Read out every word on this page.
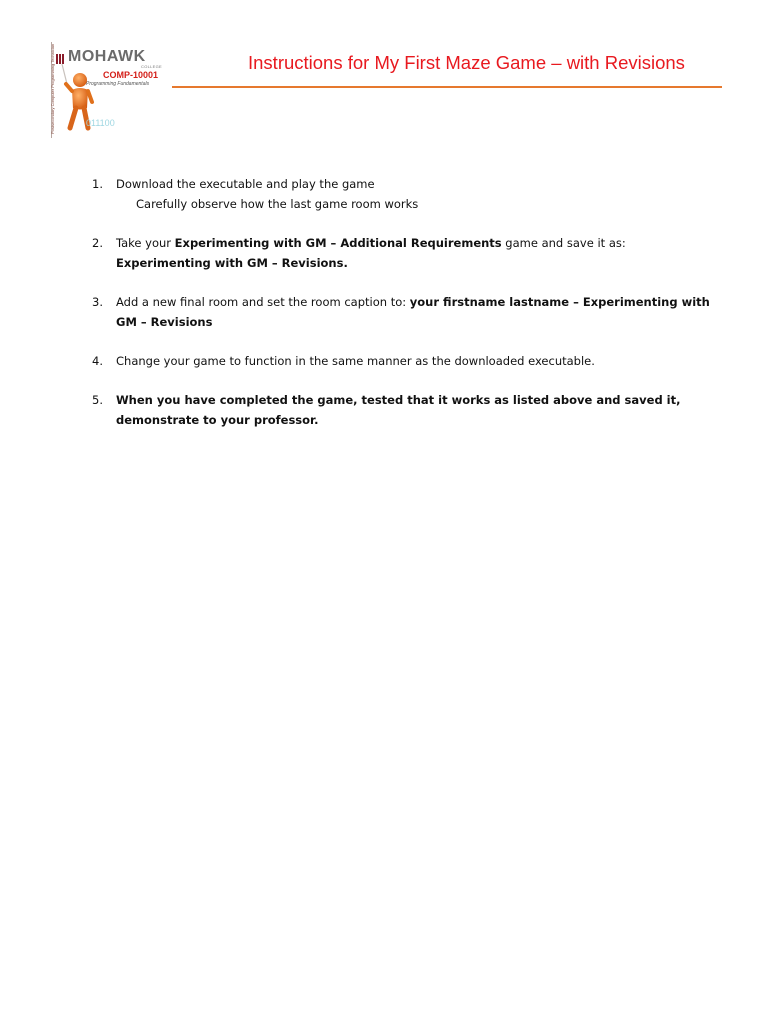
Postsecondary Computer Programming Technician MOHAWK
COLLEGE
COMP-10001
Programming Fundamentals
011100
Instructions for My First Maze Game – with Revisions
1. Download the executable and play the game
Carefully observe how the last game room works
2. Take your Experimenting with GM – Additional Requirements game and save it as: Experimenting with GM – Revisions.
3. Add a new final room and set the room caption to: your firstname lastname – Experimenting with GM – Revisions
4. Change your game to function in the same manner as the downloaded executable.
5. When you have completed the game, tested that it works as listed above and saved it, demonstrate to your professor.
